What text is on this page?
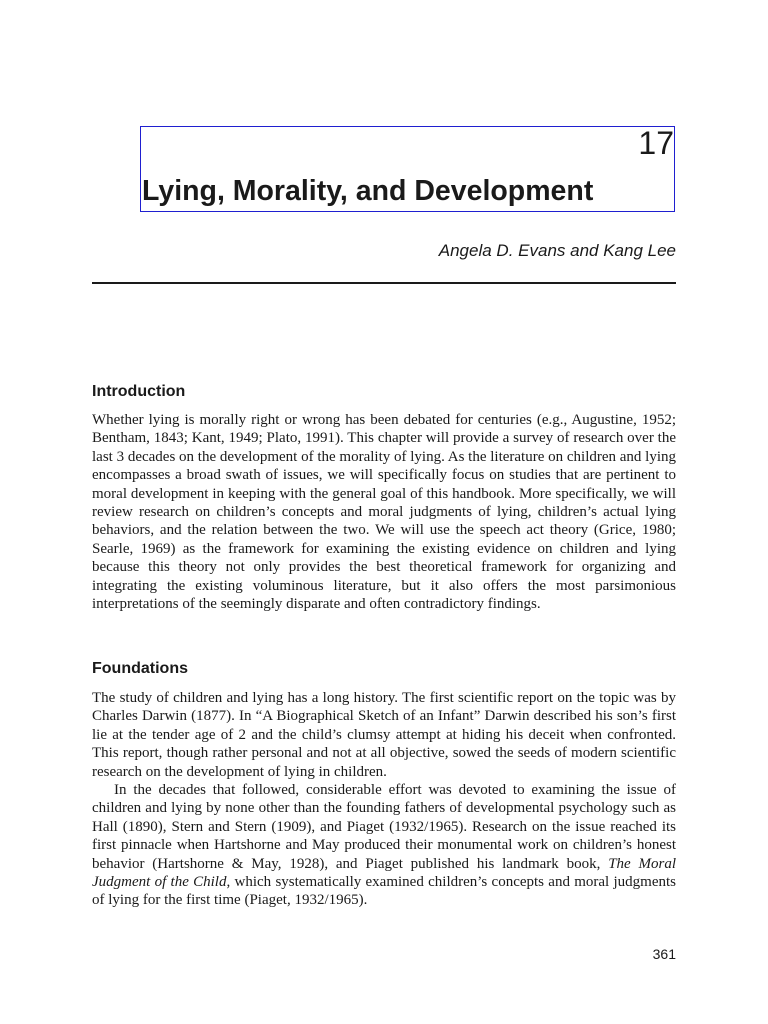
17
Lying, Morality, and Development
Angela D. Evans and Kang Lee
Introduction

Whether lying is morally right or wrong has been debated for centuries (e.g., Augustine, 1952; Bentham, 1843; Kant, 1949; Plato, 1991). This chapter will provide a survey of research over the last 3 decades on the development of the morality of lying. As the literature on children and lying encompasses a broad swath of issues, we will specifically focus on studies that are pertinent to moral development in keeping with the general goal of this handbook. More specifically, we will review research on children’s concepts and moral judgments of lying, children’s actual lying behaviors, and the relation between the two. We will use the speech act theory (Grice, 1980; Searle, 1969) as the framework for examining the existing evidence on children and lying because this theory not only provides the best theoretical framework for organizing and integrating the existing voluminous literature, but it also offers the most parsimonious interpretations of the seemingly disparate and often contradictory findings.

Foundations

The study of children and lying has a long history. The first scientific report on the topic was by Charles Darwin (1877). In “A Biographical Sketch of an Infant” Darwin described his son’s first lie at the tender age of 2 and the child’s clumsy attempt at hiding his deceit when confronted. This report, though rather personal and not at all objective, sowed the seeds of modern scientific research on the development of lying in children.

In the decades that followed, considerable effort was devoted to examining the issue of children and lying by none other than the founding fathers of developmental psychology such as Hall (1890), Stern and Stern (1909), and Piaget (1932/1965). Research on the issue reached its first pinnacle when Hartshorne and May produced their monumental work on children’s honest behavior (Hartshorne & May, 1928), and Piaget published his landmark book, The Moral Judgment of the Child, which systematically examined children’s concepts and moral judgments of lying for the first time (Piaget, 1932/1965).

361
